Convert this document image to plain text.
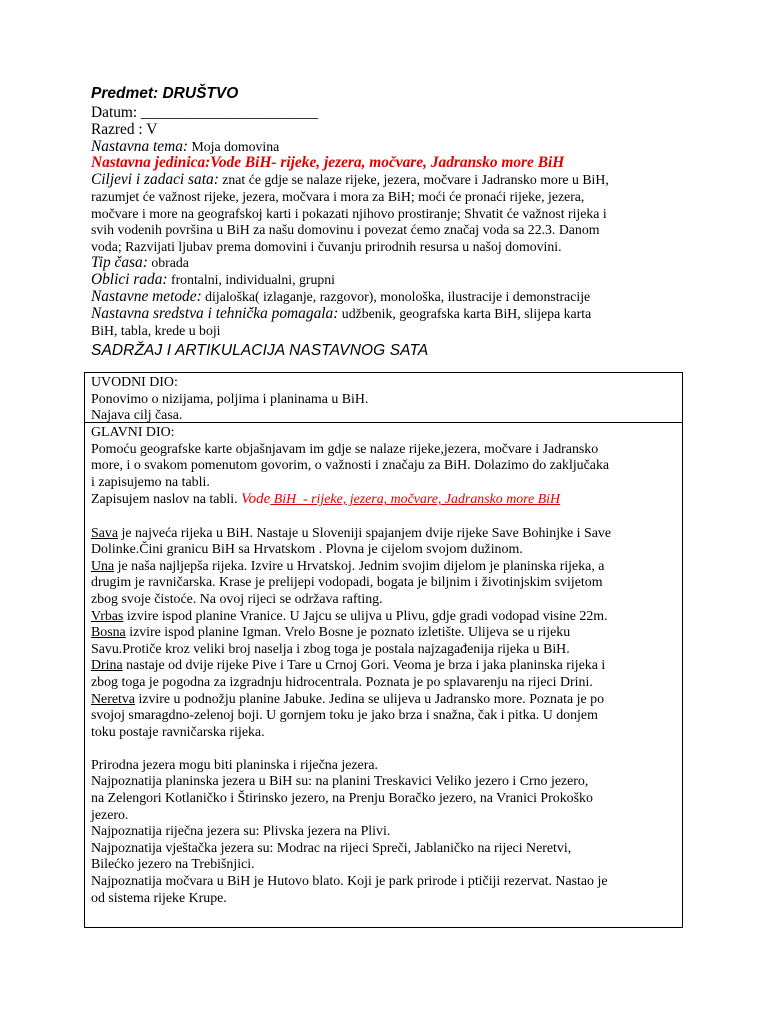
Predmet: DRUŠTVO
Datum: _______________________
Razred : V
Nastavna tema: Moja domovina
Nastavna jedinica:Vode BiH- rijeke, jezera, močvare, Jadransko more BiH
Ciljevi i zadaci sata: znat će gdje se nalaze rijeke, jezera, močvare i Jadransko more u BiH,
razumjet će važnost rijeke, jezera, močvara i mora za BiH; moći će pronaći rijeke, jezera,
močvare i more na geografskoj karti i pokazati njihovo prostiranje; Shvatit će važnost rijeka i
svih vodenih površina u BiH za našu domovinu i povezat ćemo značaj voda sa 22.3. Danom
voda; Razvijati ljubav prema domovini i čuvanju prirodnih resursa u našoj domovini.
Tip časa: obrada
Oblici rada: frontalni, individualni, grupni
Nastavne metode: dijaloška( izlaganje, razgovor), monološka, ilustracije i demonstracije
Nastavna sredstva i tehnička pomagala: udžbenik, geografska karta BiH, slijepa karta
BiH, tabla, krede u boji
SADRŽAJ I ARTIKULACIJA NASTAVNOG SATA
UVODNI DIO:
Ponovimo o nizijama, poljima i planinama u BiH.
Najava cilj časa.
GLAVNI DIO:
Pomoću geografske karte objašnjavam im gdje se nalaze rijeke,jezera, močvare i Jadransko
more, i o svakom pomenutom govorim, o važnosti i značaju za BiH. Dolazimo do zaključaka
i zapisujemo na tabli.
Zapisujem naslov na tabli. Vode BiH_- rijeke, jezera, močvare, Jadransko more BiH
Sava je najveća rijeka u BiH. Nastaje u Sloveniji spajanjem dvije rijeke Save Bohinjke i Save
Dolinke.Čini granicu BiH sa Hrvatskom . Plovna je cijelom svojom dužinom.
Una je naša najljepša rijeka. Izvire u Hrvatskoj. Jednim svojim dijelom je planinska rijeka, a
drugim je ravničarska. Krase je prelijepi vodopadi, bogata je biljnim i životinjskim svijetom
zbog svoje čistoće. Na ovoj rijeci se održava rafting.
Vrbas izvire ispod planine Vranice. U Jajcu se ulijva u Plivu, gdje gradi vodopad visine 22m.
Bosna izvire ispod planine Igman. Vrelo Bosne je poznato izletište. Ulijeva se u rijeku
Savu.Protiče kroz veliki broj naselja i zbog toga je postala najzagađenija rijeka u BiH.
Drina nastaje od dvije rijeke Pive i Tare u Crnoj Gori. Veoma je brza i jaka planinska rijeka i
zbog toga je pogodna za izgradnju hidrocentrala. Poznata je po splavarenju na rijeci Drini.
Neretva izvire u podnožju planine Jabuke. Jedina se ulijeva u Jadransko more. Poznata je po
svojoj smaragdno-zelenoj boji. U gornjem toku je jako brza i snažna, čak i pitka. U donjem
toku postaje ravničarska rijeka.
Prirodna jezera mogu biti planinska i riječna jezera.
Najpoznatija planinska jezera u BiH su: na planini Treskavici Veliko jezero i Crno jezero,
na Zelengori Kotlaničko i Štirinsko jezero, na Prenju Boračko jezero, na Vranici Prokoško
jezero.
Najpoznatija riječna jezera su: Plivska jezera na Plivi.
Najpoznatija vještačka jezera su: Modrac na rijeci Spreči, Jablaničko na rijeci Neretvi,
Bilećko jezero na Trebišnjici.
Najpoznatija močvara u BiH je Hutovo blato. Koji je park prirode i ptičiji rezervat. Nastao je
od sistema rijeke Krupe.
